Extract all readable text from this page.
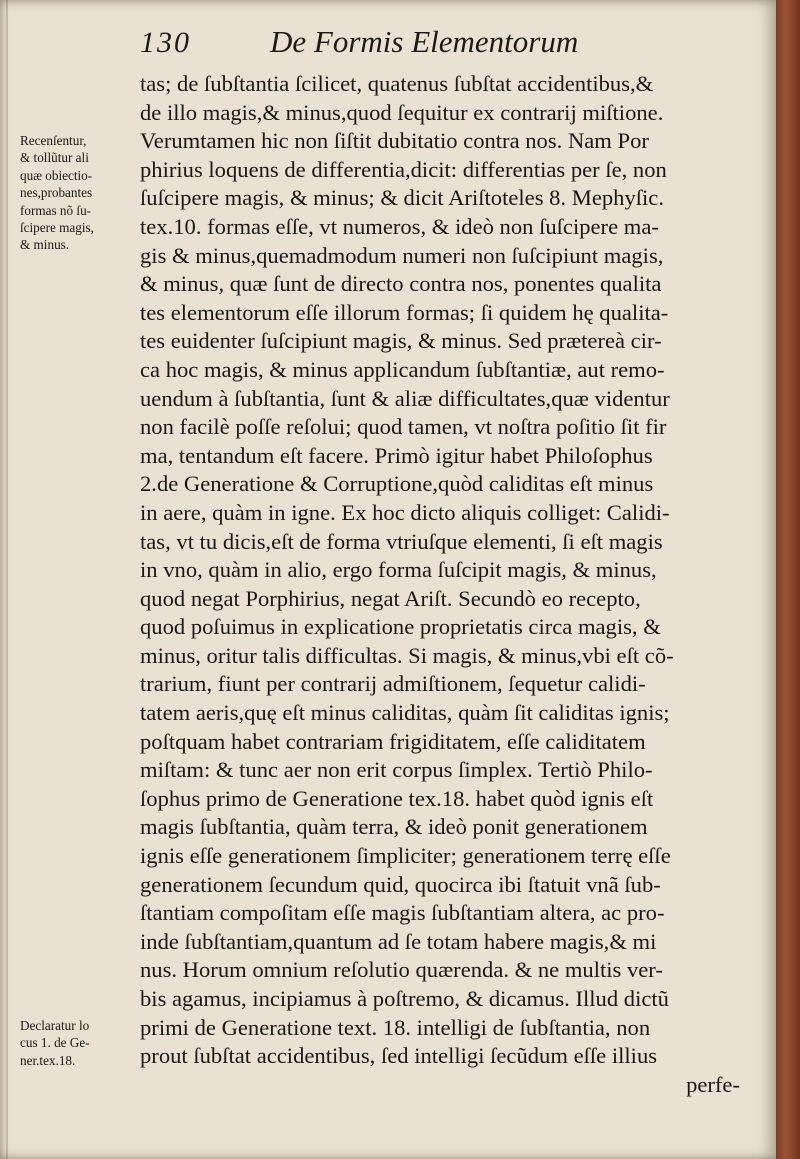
130	De Formis Elementorum
Recenſentur,
& tollũtur ali
quæ obiectio-
nes,probantes
formas nõ ſu-
ſcipere magis,
& minus.
Declaratur lo
cus 1. de Ge-
ner.tex.18.
tas; de ſubſtantia ſcilicet, quatenus ſubſtat accidentibus,&
de illo magis,& minus,quod ſequitur ex contrarij miſtione.
Verumtamen hic non ſiſtit dubitatio contra nos. Nam Por
phirius loquens de differentia,dicit: differentias per ſe, non
ſuſcipere magis, & minus; & dicit Ariſtoteles 8. Mephyſic.
tex.10. formas eſſe, vt numeros, & ideò non ſuſcipere ma-
gis & minus,quemadmodum numeri non ſuſcipiunt magis,
& minus, quæ ſunt de directo contra nos, ponentes qualita
tes elementorum eſſe illorum formas; ſi quidem hę qualita-
tes euidenter ſuſcipiunt magis, & minus. Sed prætereà cir-
ca hoc magis, & minus applicandum ſubſtantiæ, aut remo-
uendum à ſubſtantia, ſunt & aliæ difficultates,quæ videntur
non facilè poſſe reſolui; quod tamen, vt noſtra poſitio ſit fir
ma, tentandum eſt facere. Primò igitur habet Philoſophus
2.de Generatione & Corruptione,quòd caliditas eſt minus
in aere, quàm in igne. Ex hoc dicto aliquis colliget: Calidi-
tas, vt tu dicis,eſt de forma vtriuſque elementi, ſi eſt magis
in vno, quàm in alio, ergo forma ſuſcipit magis, & minus,
quod negat Porphirius, negat Ariſt. Secundò eo recepto,
quod poſuimus in explicatione proprietatis circa magis, &
minus, oritur talis difficultas. Si magis, & minus,vbi eſt cõ-
trarium, fiunt per contrarij admiſtionem, ſequetur calidi-
tatem aeris,quę eſt minus caliditas, quàm ſit caliditas ignis;
poſtquam habet contrariam frigiditatem, eſſe caliditatem
miſtam: & tunc aer non erit corpus ſimplex. Tertiò Philo-
ſophus primo de Generatione tex.18. habet quòd ignis eſt
magis ſubſtantia, quàm terra, & ideò ponit generationem
ignis eſſe generationem ſimpliciter; generationem terrę eſſe
generationem ſecundum quid, quocirca ibi ſtatuit vnã ſub-
ſtantiam compoſitam eſſe magis ſubſtantiam altera, ac pro-
inde ſubſtantiam,quantum ad ſe totam habere magis,& mi
nus. Horum omnium reſolutio quærenda. & ne multis ver-
bis agamus, incipiamus à poſtremo, & dicamus. Illud dictũ
primi de Generatione text. 18. intelligi de ſubſtantia, non
prout ſubſtat accidentibus, ſed intelligi ſecũdum eſſe illius
perfe-
